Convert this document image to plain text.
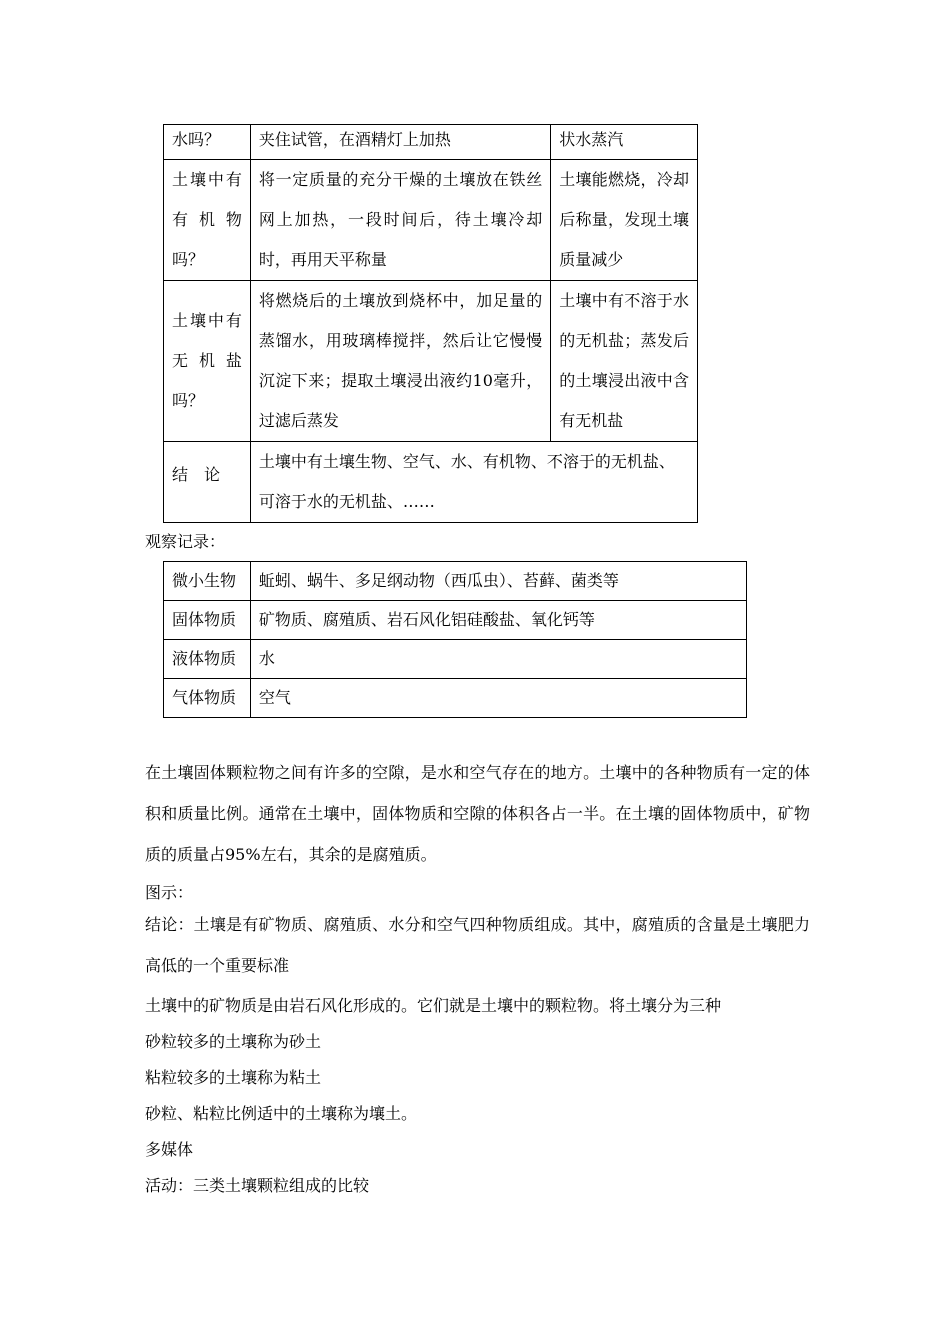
水吗？	夹住试管，在酒精灯上加热	状水蒸汽
土壤中有有机物吗？	将一定质量的充分干燥的土壤放在铁丝网上加热，一段时间后，待土壤冷却时，再用天平称量	土壤能燃烧，冷却后称量，发现土壤质量减少
土壤中有无机盐吗？	将燃烧后的土壤放到烧杯中，加足量的蒸馏水，用玻璃棒搅拌，然后让它慢慢沉淀下来；提取土壤浸出液约10毫升，过滤后蒸发	土壤中有不溶于水的无机盐；蒸发后的土壤浸出液中含有无机盐
结　论	土壤中有土壤生物、空气、水、有机物、不溶于的无机盐、可溶于水的无机盐、……	
观察记录：
微小生物	蚯蚓、蜗牛、多足纲动物（西瓜虫）、苔藓、菌类等
固体物质	矿物质、腐殖质、岩石风化铝硅酸盐、氧化钙等
液体物质	水
气体物质	空气
在土壤固体颗粒物之间有许多的空隙，是水和空气存在的地方。土壤中的各种物质有一定的体积和质量比例。通常在土壤中，固体物质和空隙的体积各占一半。在土壤的固体物质中，矿物质的质量占95%左右，其余的是腐殖质。
图示：
结论：土壤是有矿物质、腐殖质、水分和空气四种物质组成。其中，腐殖质的含量是土壤肥力高低的一个重要标准
土壤中的矿物质是由岩石风化形成的。它们就是土壤中的颗粒物。将土壤分为三种
砂粒较多的土壤称为砂土
粘粒较多的土壤称为粘土
砂粒、粘粒比例适中的土壤称为壤土。
多媒体
活动：三类土壤颗粒组成的比较
